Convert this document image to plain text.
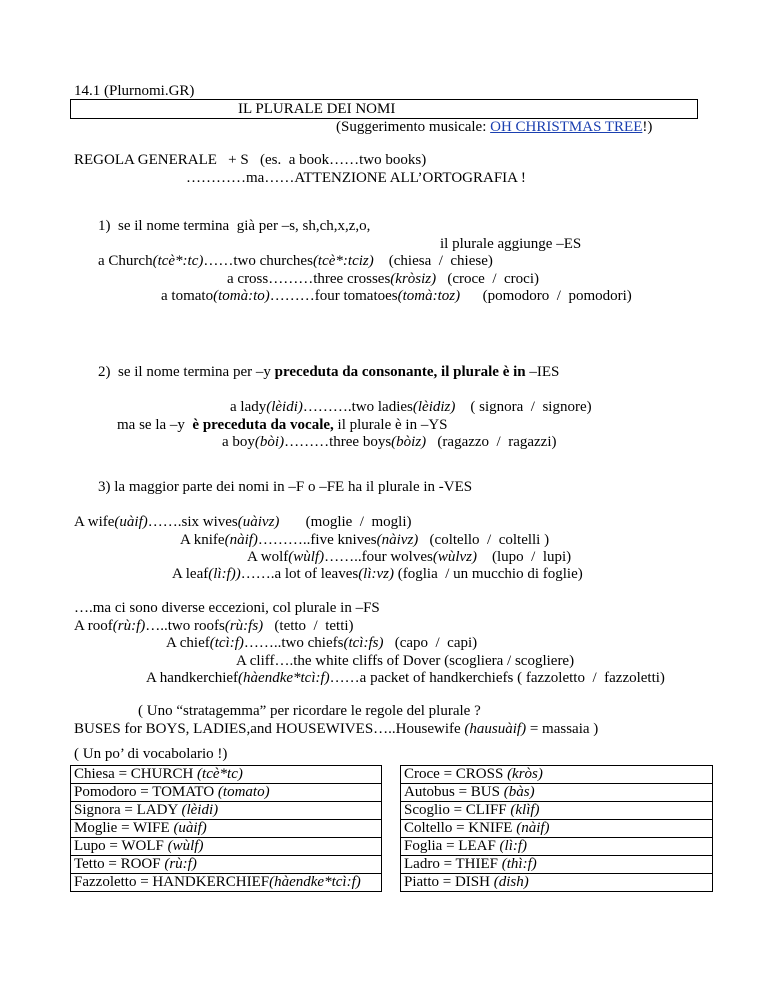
14.1 (Plurnomi.GR)
IL PLURALE DEI NOMI
(Suggerimento musicale: OH CHRISTMAS TREE!)
REGOLA GENERALE   + S   (es.  a book……two books)
…………ma……ATTENZIONE ALL’ORTOGRAFIA !
1)  se il nome termina  già per –s, sh,ch,x,z,o,
il plurale aggiunge –ES
a Church(tcè*:tc)……two churches(tcè*:tciz)    (chiesa  /  chiese)
a cross………three crosses(kròsiz)   (croce  /  croci)
a tomato(tomà:to)………four tomatoes(tomà:toz)      (pomodoro  /  pomodori)
2)  se il nome termina per –y preceduta da consonante, il plurale è in –IES
a lady(lèidi)……….two ladies(lèidiz)    ( signora  /  signore)
ma se la –y  è preceduta da vocale, il plurale è in –YS
a boy(bòi)………three boys(bòiz)   (ragazzo  /  ragazzi)
3) la maggior parte dei nomi in –F o –FE ha il plurale in -VES
A wife(uàif)…….six wives(uàivz)       (moglie  /  mogli)
A knife(nàif)………..five knives(nàivz)   (coltello  /  coltelli )
A wolf(wùlf)……..four wolves(wùlvz)    (lupo  /  lupi)
A leaf(lì:f))…….a lot of leaves(lì:vz) (foglia  / un mucchio di foglie)
….ma ci sono diverse eccezioni, col plurale in –FS
A roof(rù:f)…..two roofs(rù:fs)   (tetto  /  tetti)
A chief(tcì:f)……..two chiefs(tcì:fs)   (capo  /  capi)
A cliff….the white cliffs of Dover (scogliera / scogliere)
A handkerchief(hàendke*tcì:f)……a packet of handkerchiefs ( fazzoletto  /  fazzoletti)
( Uno “stratagemma” per ricordare le regole del plurale ?
BUSES for BOYS, LADIES,and HOUSEWIVES…..Housewife (hausuàif) = massaia )
( Un po’ di vocabolario !)
Chiesa = CHURCH (tcè*tc)		Croce = CROSS (kròs)
Pomodoro = TOMATO (tomato)		Autobus = BUS (bàs)
Signora = LADY (lèidi)		Scoglio = CLIFF (klìf)
Moglie = WIFE (uàif)		Coltello = KNIFE (nàif)
Lupo = WOLF (wùlf)		Foglia = LEAF (lì:f)
Tetto = ROOF (rù:f)		Ladro = THIEF (thì:f)
Fazzoletto = HANDKERCHIEF(hàendke*tcì:f)		Piatto = DISH (dish)
